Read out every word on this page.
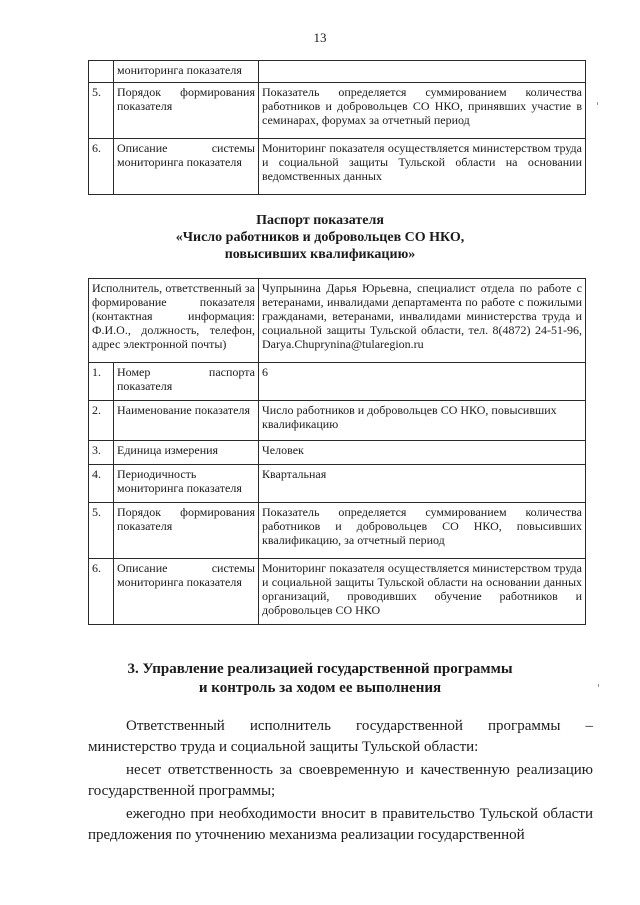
13
	мониторинга показателя	
5.	Порядок формирования показателя	Показатель определяется суммированием количества работников и добровольцев СО НКО, принявших участие в семинарах, форумах за отчетный период
6.	Описание системы мониторинга показателя	Мониторинг показателя осуществляется министерством труда и социальной защиты Тульской области на основании ведомственных данных
Паспорт показателя
«Число работников и добровольцев СО НКО,
повысивших квалификацию»
Исполнитель, ответственный за формирование показателя (контактная информация: Ф.И.О., должность, телефон, адрес электронной почты)		Чупрынина Дарья Юрьевна, специалист отдела по работе с ветеранами, инвалидами департамента по работе с пожилыми гражданами, ветеранами, инвалидами министерства труда и социальной защиты Тульской области, тел. 8(4872) 24-51-96, Darya.Chuprynina@tularegion.ru
1.	Номер паспорта показателя	6
2.	Наименование показателя	Число работников и добровольцев СО НКО, повысивших квалификацию
3.	Единица измерения	Человек
4.	Периодичность мониторинга показателя	Квартальная
5.	Порядок формирования показателя	Показатель определяется суммированием количества работников и добровольцев СО НКО, повысивших квалификацию, за отчетный период
6.	Описание системы мониторинга показателя	Мониторинг показателя осуществляется министерством труда и социальной защиты Тульской области на основании данных организаций, проводивших обучение работников и добровольцев СО НКО
3. Управление реализацией государственной программы
и контроль за ходом ее выполнения

Ответственный исполнитель государственной программы – министерство труда и социальной защиты Тульской области:

несет ответственность за своевременную и качественную реализацию государственной программы;

ежегодно при необходимости вносит в правительство Тульской области предложения по уточнению механизма реализации государственной
